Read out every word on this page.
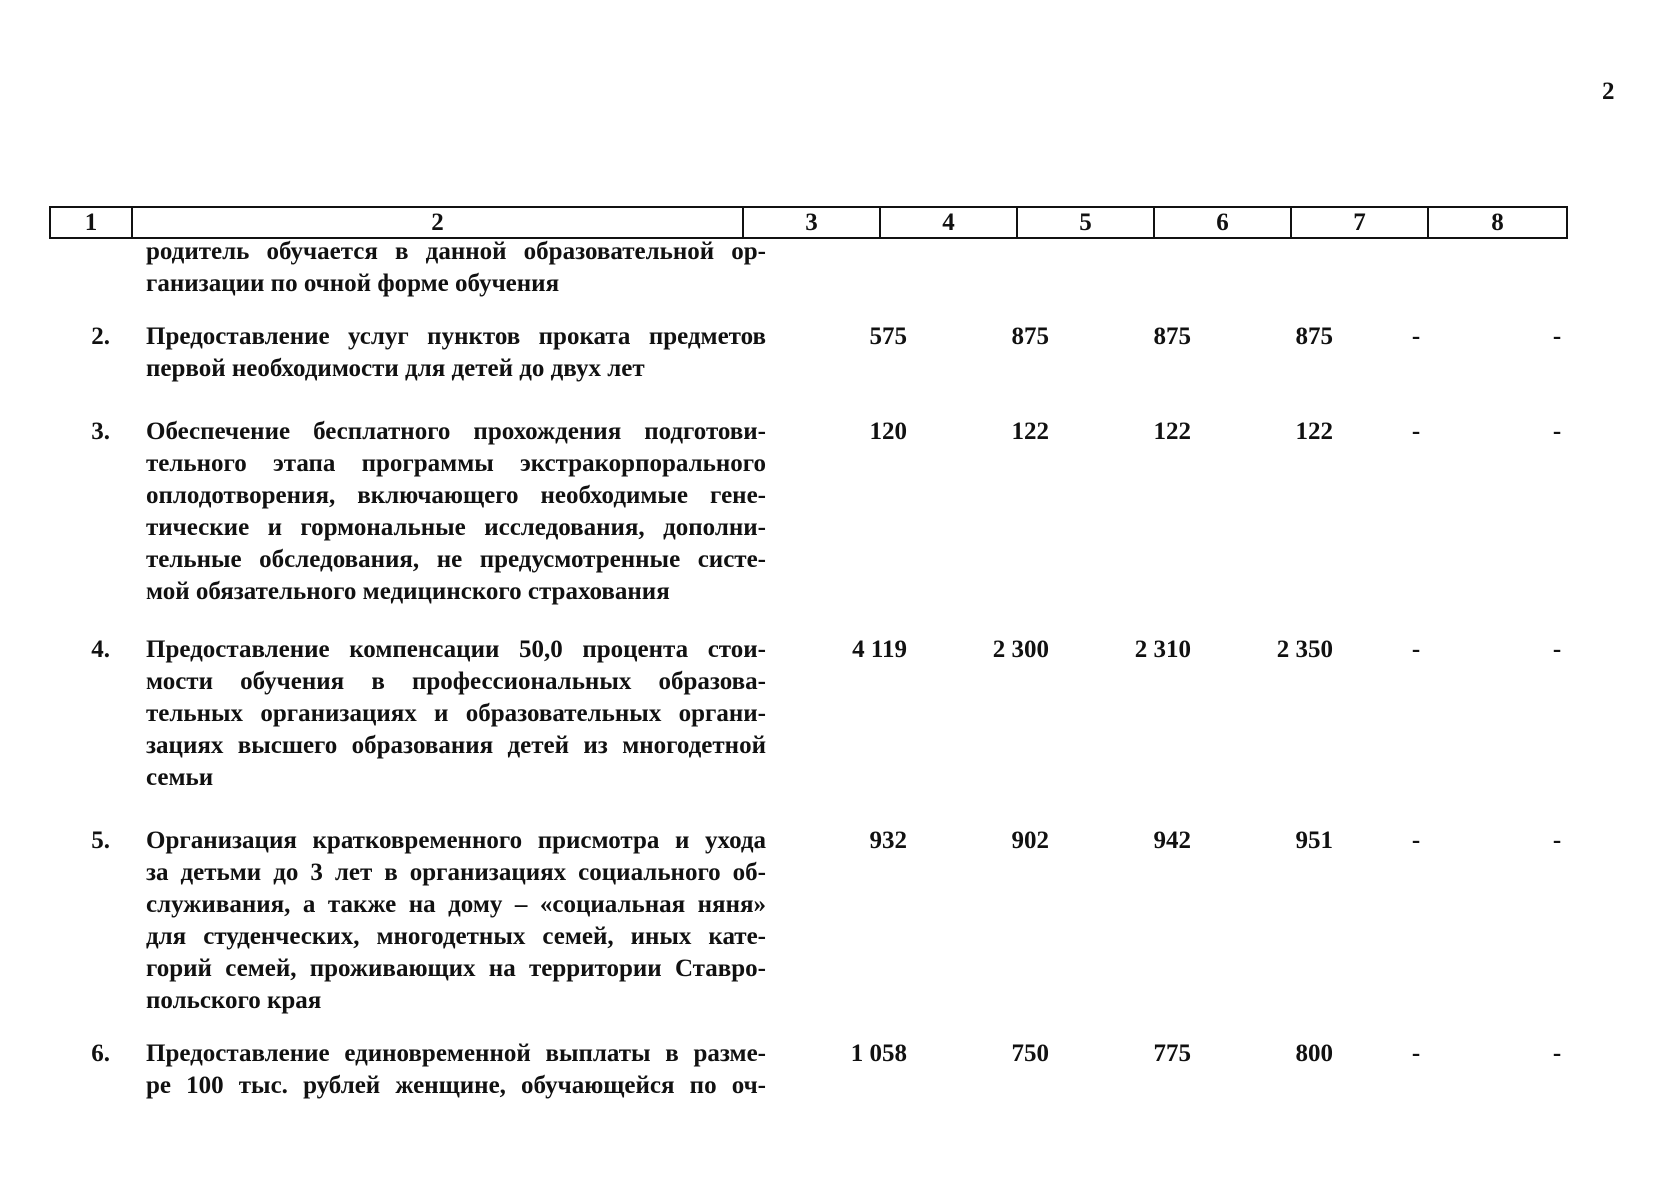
2
1	2	3	4	5	6	7	8
родитель обучается в данной образовательной ор-
ганизации по очной форме обучения
2. Предоставление услуг пунктов проката предметов
первой необходимости для детей до двух лет
575	875	875	875	-	-
3. Обеспечение бесплатного прохождения подготови-
тельного этапа программы экстракорпорального
оплодотворения, включающего необходимые гене-
тические и гормональные исследования, дополни-
тельные обследования, не предусмотренные систе-
мой обязательного медицинского страхования
120	122	122	122	-	-
4. Предоставление компенсации 50,0 процента стои-
мости обучения в профессиональных образова-
тельных организациях и образовательных органи-
зациях высшего образования детей из многодетной
семьи
4 119	2 300	2 310	2 350	-	-
5. Организация кратковременного присмотра и ухода
за детьми до 3 лет в организациях социального об-
служивания, а также на дому – «социальная няня»
для студенческих, многодетных семей, иных кате-
горий семей, проживающих на территории Ставро-
польского края
932	902	942	951	-	-
6. Предоставление единовременной выплаты в разме-
ре 100 тыс. рублей женщине, обучающейся по оч-
1 058	750	775	800	-	-
